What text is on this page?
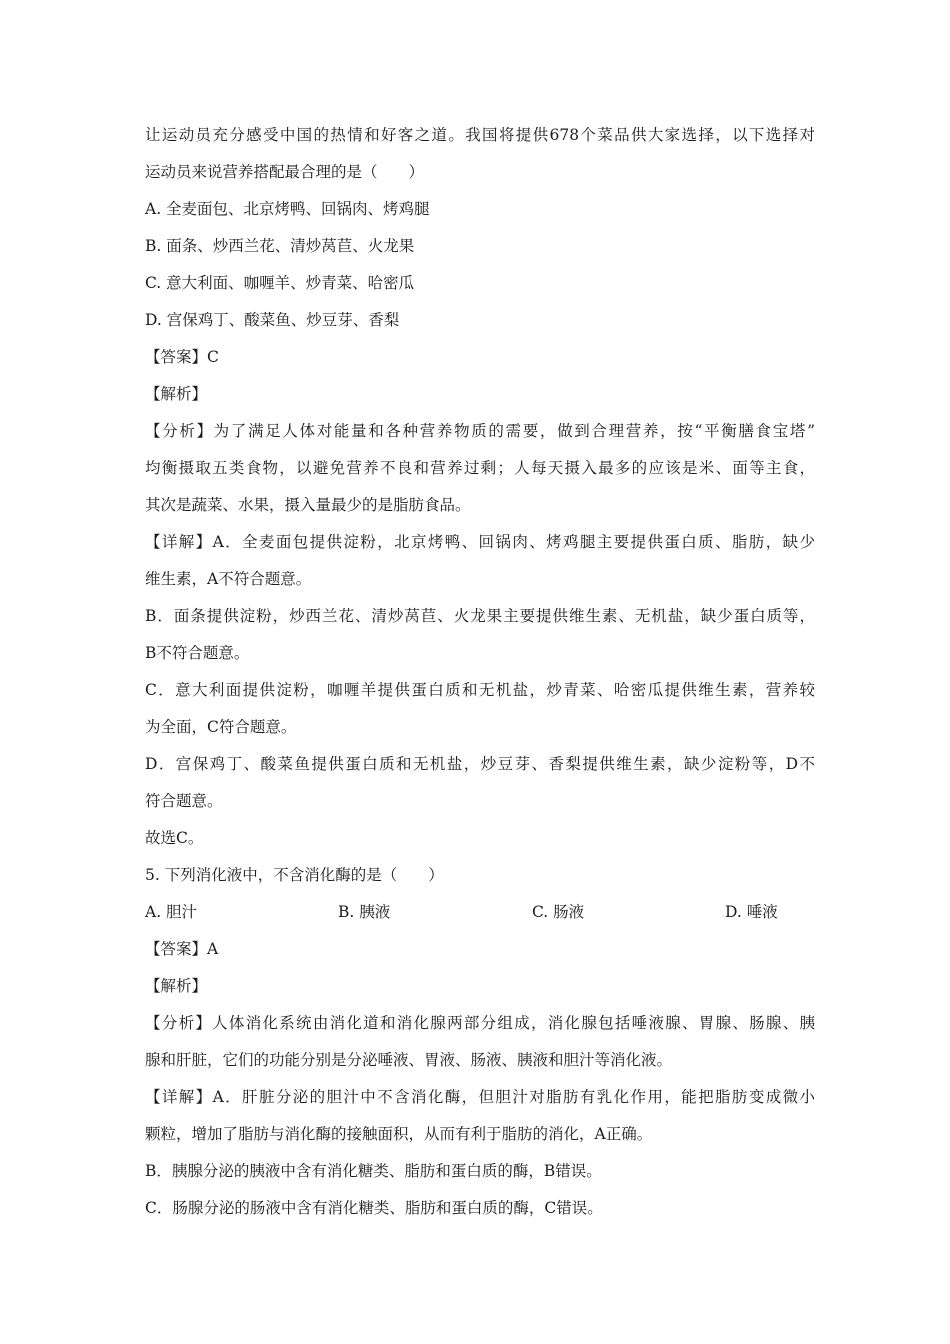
让运动员充分感受中国的热情和好客之道。我国将提供678个菜品供大家选择，以下选择对
运动员来说营养搭配最合理的是（　　）
A. 全麦面包、北京烤鸭、回锅肉、烤鸡腿
B. 面条、炒西兰花、清炒莴苣、火龙果
C. 意大利面、咖喱羊、炒青菜、哈密瓜
D. 宫保鸡丁、酸菜鱼、炒豆芽、香梨
【答案】C
【解析】
【分析】为了满足人体对能量和各种营养物质的需要，做到合理营养，按“平衡膳食宝塔”
均衡摄取五类食物，以避免营养不良和营养过剩；人每天摄入最多的应该是米、面等主食，
其次是蔬菜、水果，摄入量最少的是脂肪食品。
【详解】A．全麦面包提供淀粉，北京烤鸭、回锅肉、烤鸡腿主要提供蛋白质、脂肪，缺少
维生素，A不符合题意。
B．面条提供淀粉，炒西兰花、清炒莴苣、火龙果主要提供维生素、无机盐，缺少蛋白质等，
B不符合题意。
C．意大利面提供淀粉，咖喱羊提供蛋白质和无机盐，炒青菜、哈密瓜提供维生素，营养较
为全面，C符合题意。
D．宫保鸡丁、酸菜鱼提供蛋白质和无机盐，炒豆芽、香梨提供维生素，缺少淀粉等，D不
符合题意。
故选C。
5. 下列消化液中，不含消化酶的是（　　）
A. 胆汁	B. 胰液	C. 肠液	D. 唾液
【答案】A
【解析】
【分析】人体消化系统由消化道和消化腺两部分组成，消化腺包括唾液腺、胃腺、肠腺、胰
腺和肝脏，它们的功能分别是分泌唾液、胃液、肠液、胰液和胆汁等消化液。
【详解】A．肝脏分泌的胆汁中不含消化酶，但胆汁对脂肪有乳化作用，能把脂肪变成微小
颗粒，增加了脂肪与消化酶的接触面积，从而有利于脂肪的消化，A正确。
B．胰腺分泌的胰液中含有消化糖类、脂肪和蛋白质的酶，B错误。
C．肠腺分泌的肠液中含有消化糖类、脂肪和蛋白质的酶，C错误。
